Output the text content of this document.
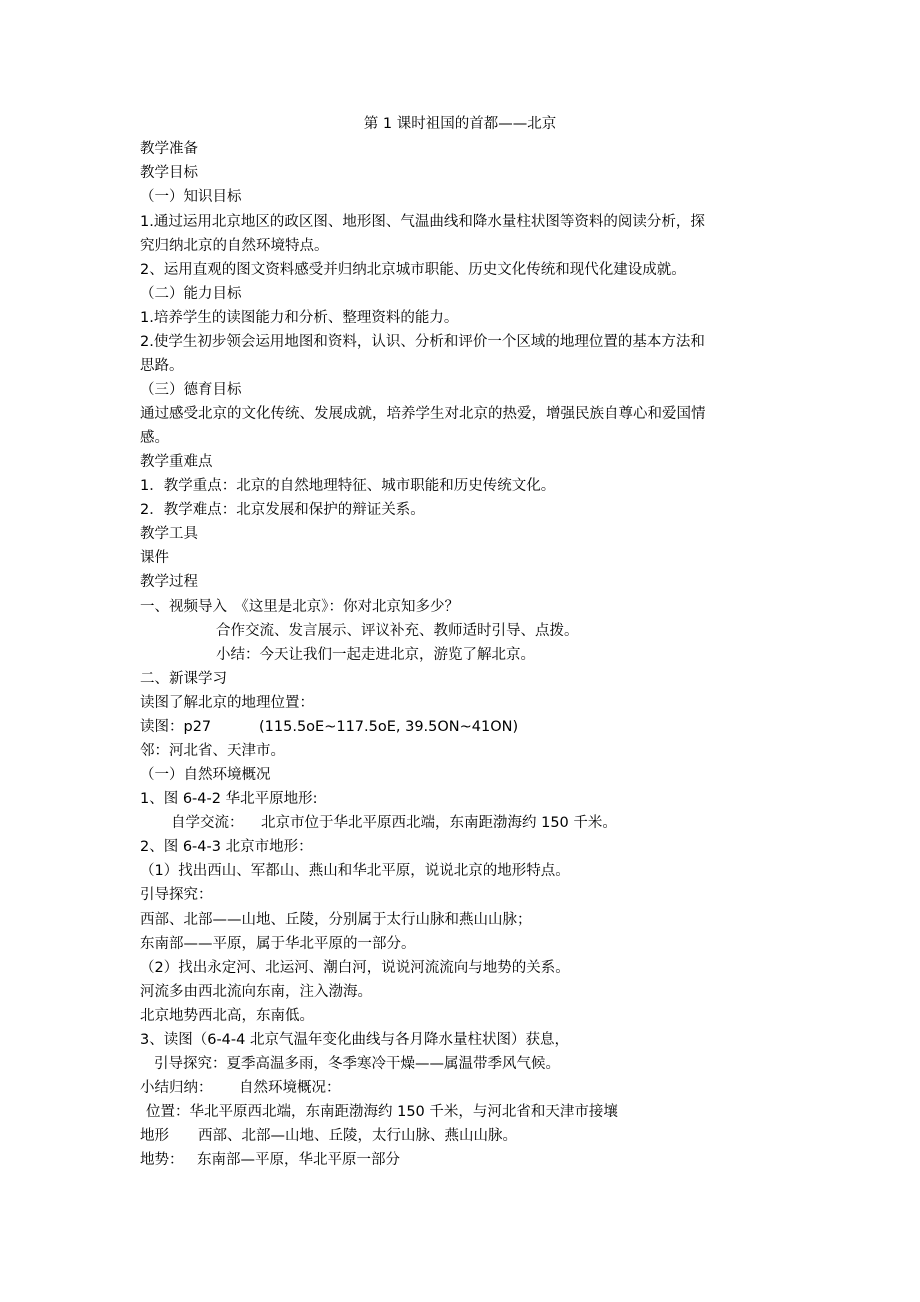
第 1 课时祖国的首都——北京
教学准备
教学目标
（一）知识目标
1.通过运用北京地区的政区图、地形图、气温曲线和降水量柱状图等资料的阅读分析，探
究归纳北京的自然环境特点。
2、运用直观的图文资料感受并归纳北京城市职能、历史文化传统和现代化建设成就。
（二）能力目标
1.培养学生的读图能力和分析、整理资料的能力。
2.使学生初步领会运用地图和资料，认识、分析和评价一个区域的地理位置的基本方法和
思路。
（三）德育目标
通过感受北京的文化传统、发展成就，培养学生对北京的热爱，增强民族自尊心和爱国情
感。
教学重难点
1．教学重点：北京的自然地理特征、城市职能和历史传统文化。
2．教学难点：北京发展和保护的辩证关系。
教学工具
课件
教学过程
一、视频导入　《这里是北京》：你对北京知多少？
合作交流、发言展示、评议补充、教师适时引导、点拨。
小结：今天让我们一起走进北京，游览了解北京。
二、新课学习
读图了解北京的地理位置：
读图：p27	(115.5oE~117.5oE, 39.5ON~41ON)
邻：河北省、天津市。
（一）自然环境概况
1、图 6-4-2 华北平原地形:
自学交流： 北京市位于华北平原西北端，东南距渤海约 150 千米。
2、图 6-4-3 北京市地形：
（1）找出西山、军都山、燕山和华北平原，说说北京的地形特点。
引导探究：
西部、北部——山地、丘陵，分别属于太行山脉和燕山山脉；
东南部——平原，属于华北平原的一部分。
（2）找出永定河、北运河、潮白河，说说河流流向与地势的关系。
河流多由西北流向东南，注入渤海。
北京地势西北高，东南低。
3、读图（6-4-4 北京气温年变化曲线与各月降水量柱状图）获息，
引导探究：夏季高温多雨，冬季寒冷干燥——属温带季风气候。
小结归纳： 自然环境概况：
位置：华北平原西北端，东南距渤海约 150 千米，与河北省和天津市接壤
地形 西部、北部—山地、丘陵，太行山脉、燕山山脉。
地势： 东南部—平原，华北平原一部分
